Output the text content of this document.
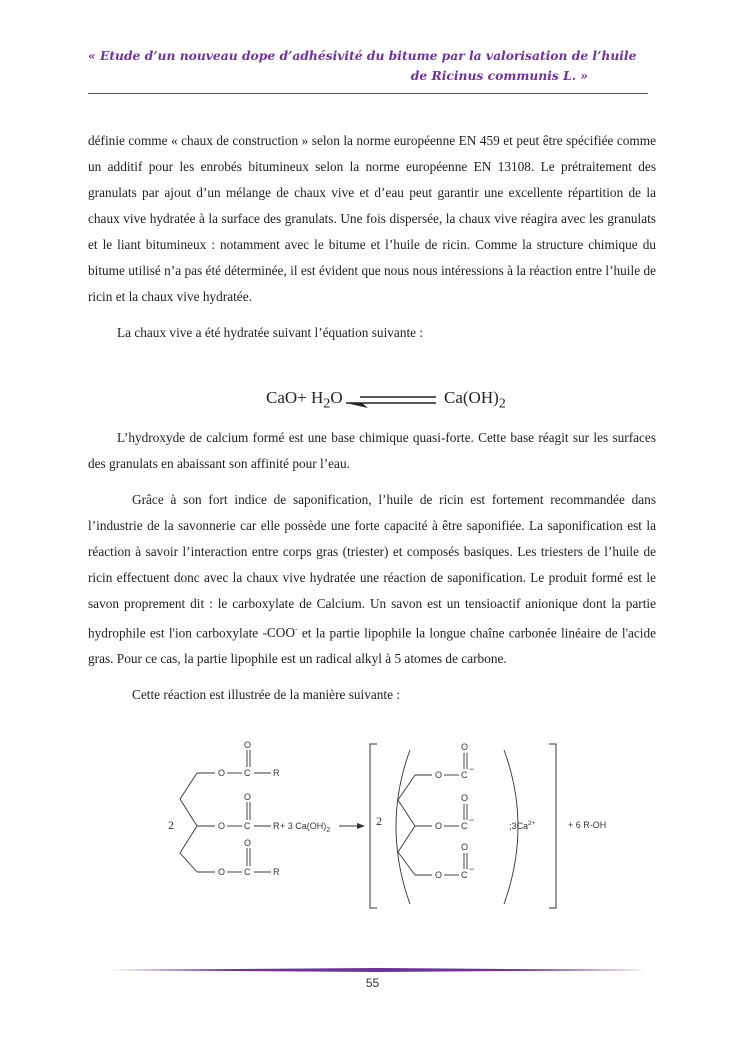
« Etude d’un nouveau dope d’adhésivité du bitume par la valorisation de l’huile
de Ricinus communis L. »

définie comme « chaux de construction » selon la norme européenne EN 459 et peut être spécifiée comme un additif pour les enrobés bitumineux selon la norme européenne EN 13108. Le prétraitement des granulats par ajout d’un mélange de chaux vive et d’eau peut garantir une excellente répartition de la chaux vive hydratée à la surface des granulats. Une fois dispersée, la chaux vive réagira avec les granulats et le liant bitumineux : notamment avec le bitume et l’huile de ricin. Comme la structure chimique du bitume utilisé n’a pas été déterminée, il est évident que nous nous intéressions à la réaction entre l’huile de ricin et la chaux vive hydratée.

La chaux vive a été hydratée suivant l’équation suivante :

$CaO+ H_2O$	$Ca(OH)_2$

L’hydroxyde de calcium formé est une base chimique quasi-forte. Cette base réagit sur les surfaces des granulats en abaissant son affinité pour l’eau.

Grâce à son fort indice de saponification, l’huile de ricin est fortement recommandée dans l’industrie de la savonnerie car elle possède une forte capacité à être saponifiée. La saponification est la réaction à savoir l’interaction entre corps gras (triester) et composés basiques. Les triesters de l’huile de ricin effectuent donc avec la chaux vive hydratée une réaction de saponification. Le produit formé est le savon proprement dit : le carboxylate de Calcium. Un savon est un tensioactif anionique dont la partie hydrophile est l'ion carboxylate -COO- et la partie lipophile la longue chaîne carbonée linéaire de l'acide gras. Pour ce cas, la partie lipophile est un radical alkyl à 5 atomes de carbone.

Cette réaction est illustrée de la manière suivante :

O C
O
R
O C
O
R
O C
O
R
2	+ 3 $Ca(OH)_2$
2
O C
O
−
O C
O
−
O C
O
−
$;3Ca^{2+}$	+ 6 R-OH
55
